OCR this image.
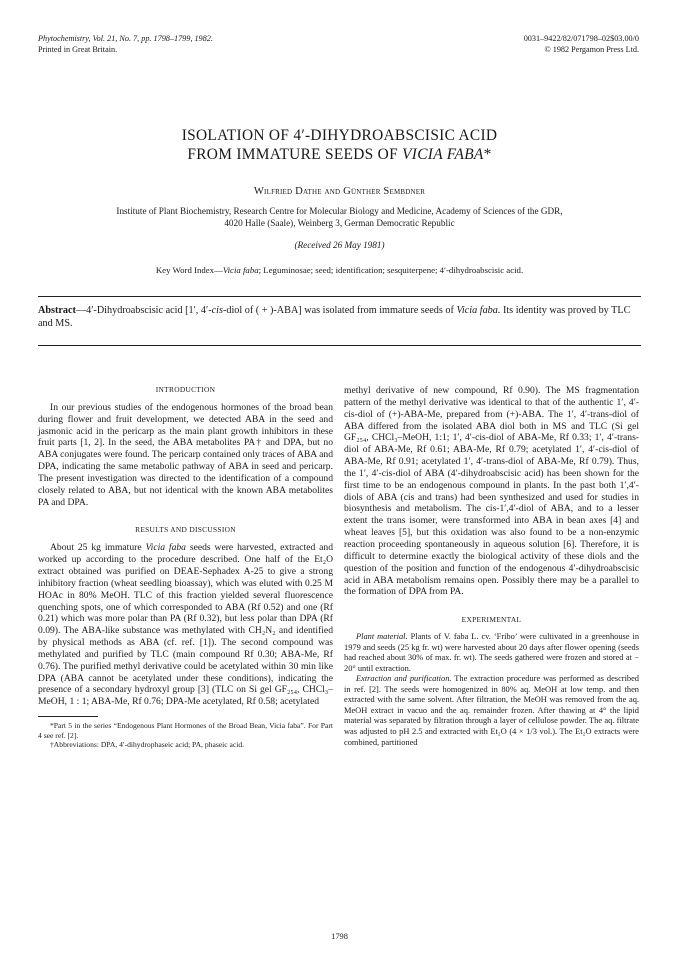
Phytochemistry, Vol. 21, No. 7, pp. 1798–1799, 1982.
Printed in Great Britain.
0031–9422/82/071798–02$03.00/0
© 1982 Pergamon Press Ltd.
ISOLATION OF 4′-DIHYDROABSCISIC ACID
FROM IMMATURE SEEDS OF VICIA FABA*
Wilfried Dathe and Günther Sembdner
Institute of Plant Biochemistry, Research Centre for Molecular Biology and Medicine, Academy of Sciences of the GDR,
4020 Halle (Saale), Weinberg 3, German Democratic Republic
(Received 26 May 1981)
Key Word Index—Vicia faba; Leguminosae; seed; identification; sesquiterpene; 4′-dihydroabscisic acid.
Abstract—4′-Dihydroabscisic acid [1′, 4′-cis-diol of ( + )-ABA] was isolated from immature seeds of Vicia faba. Its identity was proved by TLC and MS.
INTRODUCTION

In our previous studies of the endogenous hormones of the broad bean during flower and fruit development, we detected ABA in the seed and jasmonic acid in the pericarp as the main plant growth inhibitors in these fruit parts [1, 2]. In the seed, the ABA metabolites PA† and DPA, but no ABA conjugates were found. The pericarp contained only traces of ABA and DPA, indicating the same metabolic pathway of ABA in seed and pericarp. The present investigation was directed to the identification of a compound closely related to ABA, but not identical with the known ABA metabolites PA and DPA.

RESULTS AND DISCUSSION

About 25 kg immature Vicia faba seeds were harvested, extracted and worked up according to the procedure described. One half of the Et₂O extract obtained was purified on DEAE-Sephadex A-25 to give a strong inhibitory fraction (wheat seedling bioassay), which was eluted with 0.25 M HOAc in 80% MeOH. TLC of this fraction yielded several fluorescence quenching spots, one of which corresponded to ABA (Rf 0.52) and one (Rf 0.21) which was more polar than PA (Rf 0.32), but less polar than DPA (Rf 0.09). The ABA-like substance was methylated with CH₂N₂ and identified by physical methods as ABA (cf. ref. [1]). The second compound was methylated and purified by TLC (main compound Rf 0.30; ABA-Me, Rf 0.76). The purified methyl derivative could be acetylated within 30 min like DPA (ABA cannot be acetylated under these conditions), indicating the presence of a secondary hydroxyl group [3] (TLC on Si gel GF₂₅₄, CHCl₃–MeOH, 1 : 1; ABA-Me, Rf 0.76; DPA-Me acetylated, Rf 0.58; acetylated

*Part 5 in the series “Endogenous Plant Hormones of the Broad Bean, Vicia faba”. For Part 4 see ref. [2].

†Abbreviations: DPA, 4′-dihydrophaseic acid; PA, phaseic acid.

methyl derivative of new compound, Rf 0.90). The MS fragmentation pattern of the methyl derivative was identical to that of the authentic 1′, 4′-cis-diol of (+)-ABA-Me, prepared from (+)-ABA. The 1′, 4′-trans-diol of ABA differed from the isolated ABA diol both in MS and TLC (Si gel GF₂₅₄, CHCl₃–MeOH, 1:1; 1′, 4′-cis-diol of ABA-Me, Rf 0.33; 1′, 4′-trans-diol of ABA-Me, Rf 0.61; ABA-Me, Rf 0.79; acetylated 1′, 4′-cis-diol of ABA-Me, Rf 0.91; acetylated 1′, 4′-trans-diol of ABA-Me, Rf 0.79). Thus, the 1′, 4′-cis-diol of ABA (4′-dihydroabscisic acid) has been shown for the first time to be an endogenous compound in plants. In the past both 1′,4′-diols of ABA (cis and trans) had been synthesized and used for studies in biosynthesis and metabolism. The cis-1′,4′-diol of ABA, and to a lesser extent the trans isomer, were transformed into ABA in bean axes [4] and wheat leaves [5], but this oxidation was also found to be a non-enzymic reaction proceeding spontaneously in aqueous solution [6]. Therefore, it is difficult to determine exactly the biological activity of these diols and the question of the position and function of the endogenous 4′-dihydroabscisic acid in ABA metabolism remains open. Possibly there may be a parallel to the formation of DPA from PA.

EXPERIMENTAL

Plant material. Plants of V. faba L. cv. ‘Fribo’ were cultivated in a greenhouse in 1979 and seeds (25 kg fr. wt) were harvested about 20 days after flower opening (seeds had reached about 30% of max. fr. wt). The seeds gathered were frozen and stored at − 20° until extraction.

Extraction and purification. The extraction procedure was performed as described in ref. [2]. The seeds were homogenized in 80% aq. MeOH at low temp. and then extracted with the same solvent. After filtration, the MeOH was removed from the aq. MeOH extract in vacuo and the aq. remainder frozen. After thawing at 4° the lipid material was separated by filtration through a layer of cellulose powder. The aq. filtrate was adjusted to pH 2.5 and extracted with Et₂O (4 × 1/3 vol.). The Et₂O extracts were combined, partitioned

1798
